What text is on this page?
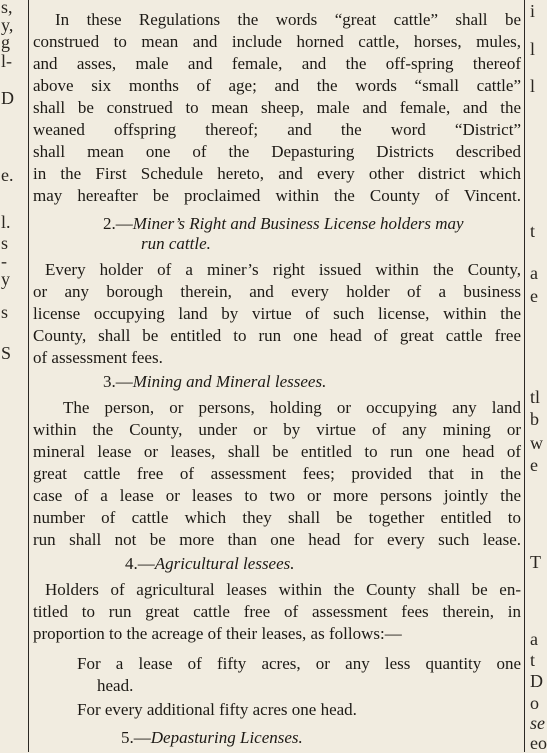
s,
y,
g
l-
D
e.
l.
s
-
y
s
S
i
l
l
t
a
e
tl
b
w
e
T
a
t
D
o
se
eo
In these Regulations the words “great cattle” shall be
construed to mean and include horned cattle, horses, mules,
and asses, male and female, and the off-spring thereof
above six months of age; and the words “small cattle”
shall be construed to mean sheep, male and female, and the
weaned offspring thereof; and the word “District”
shall mean one of the Depasturing Districts described
in the First Schedule hereto, and every other district which
may hereafter be proclaimed within the County of Vincent.
2.—Miner’s Right and Business License holders may
run cattle.
Every holder of a miner’s right issued within the County,
or any borough therein, and every holder of a business
license occupying land by virtue of such license, within the
County, shall be entitled to run one head of great cattle free
of assessment fees.
3.—Mining and Mineral lessees.
The person, or persons, holding or occupying any land
within the County, under or by virtue of any mining or
mineral lease or leases, shall be entitled to run one head of
great cattle free of assessment fees; provided that in the
case of a lease or leases to two or more persons jointly the
number of cattle which they shall be together entitled to
run shall not be more than one head for every such lease.
4.—Agricultural lessees.
Holders of agricultural leases within the County shall be en-
titled to run great cattle free of assessment fees therein, in
proportion to the acreage of their leases, as follows:—
For a lease of fifty acres, or any less quantity one
head.
For every additional fifty acres one head.
5.—Depasturing Licenses.
